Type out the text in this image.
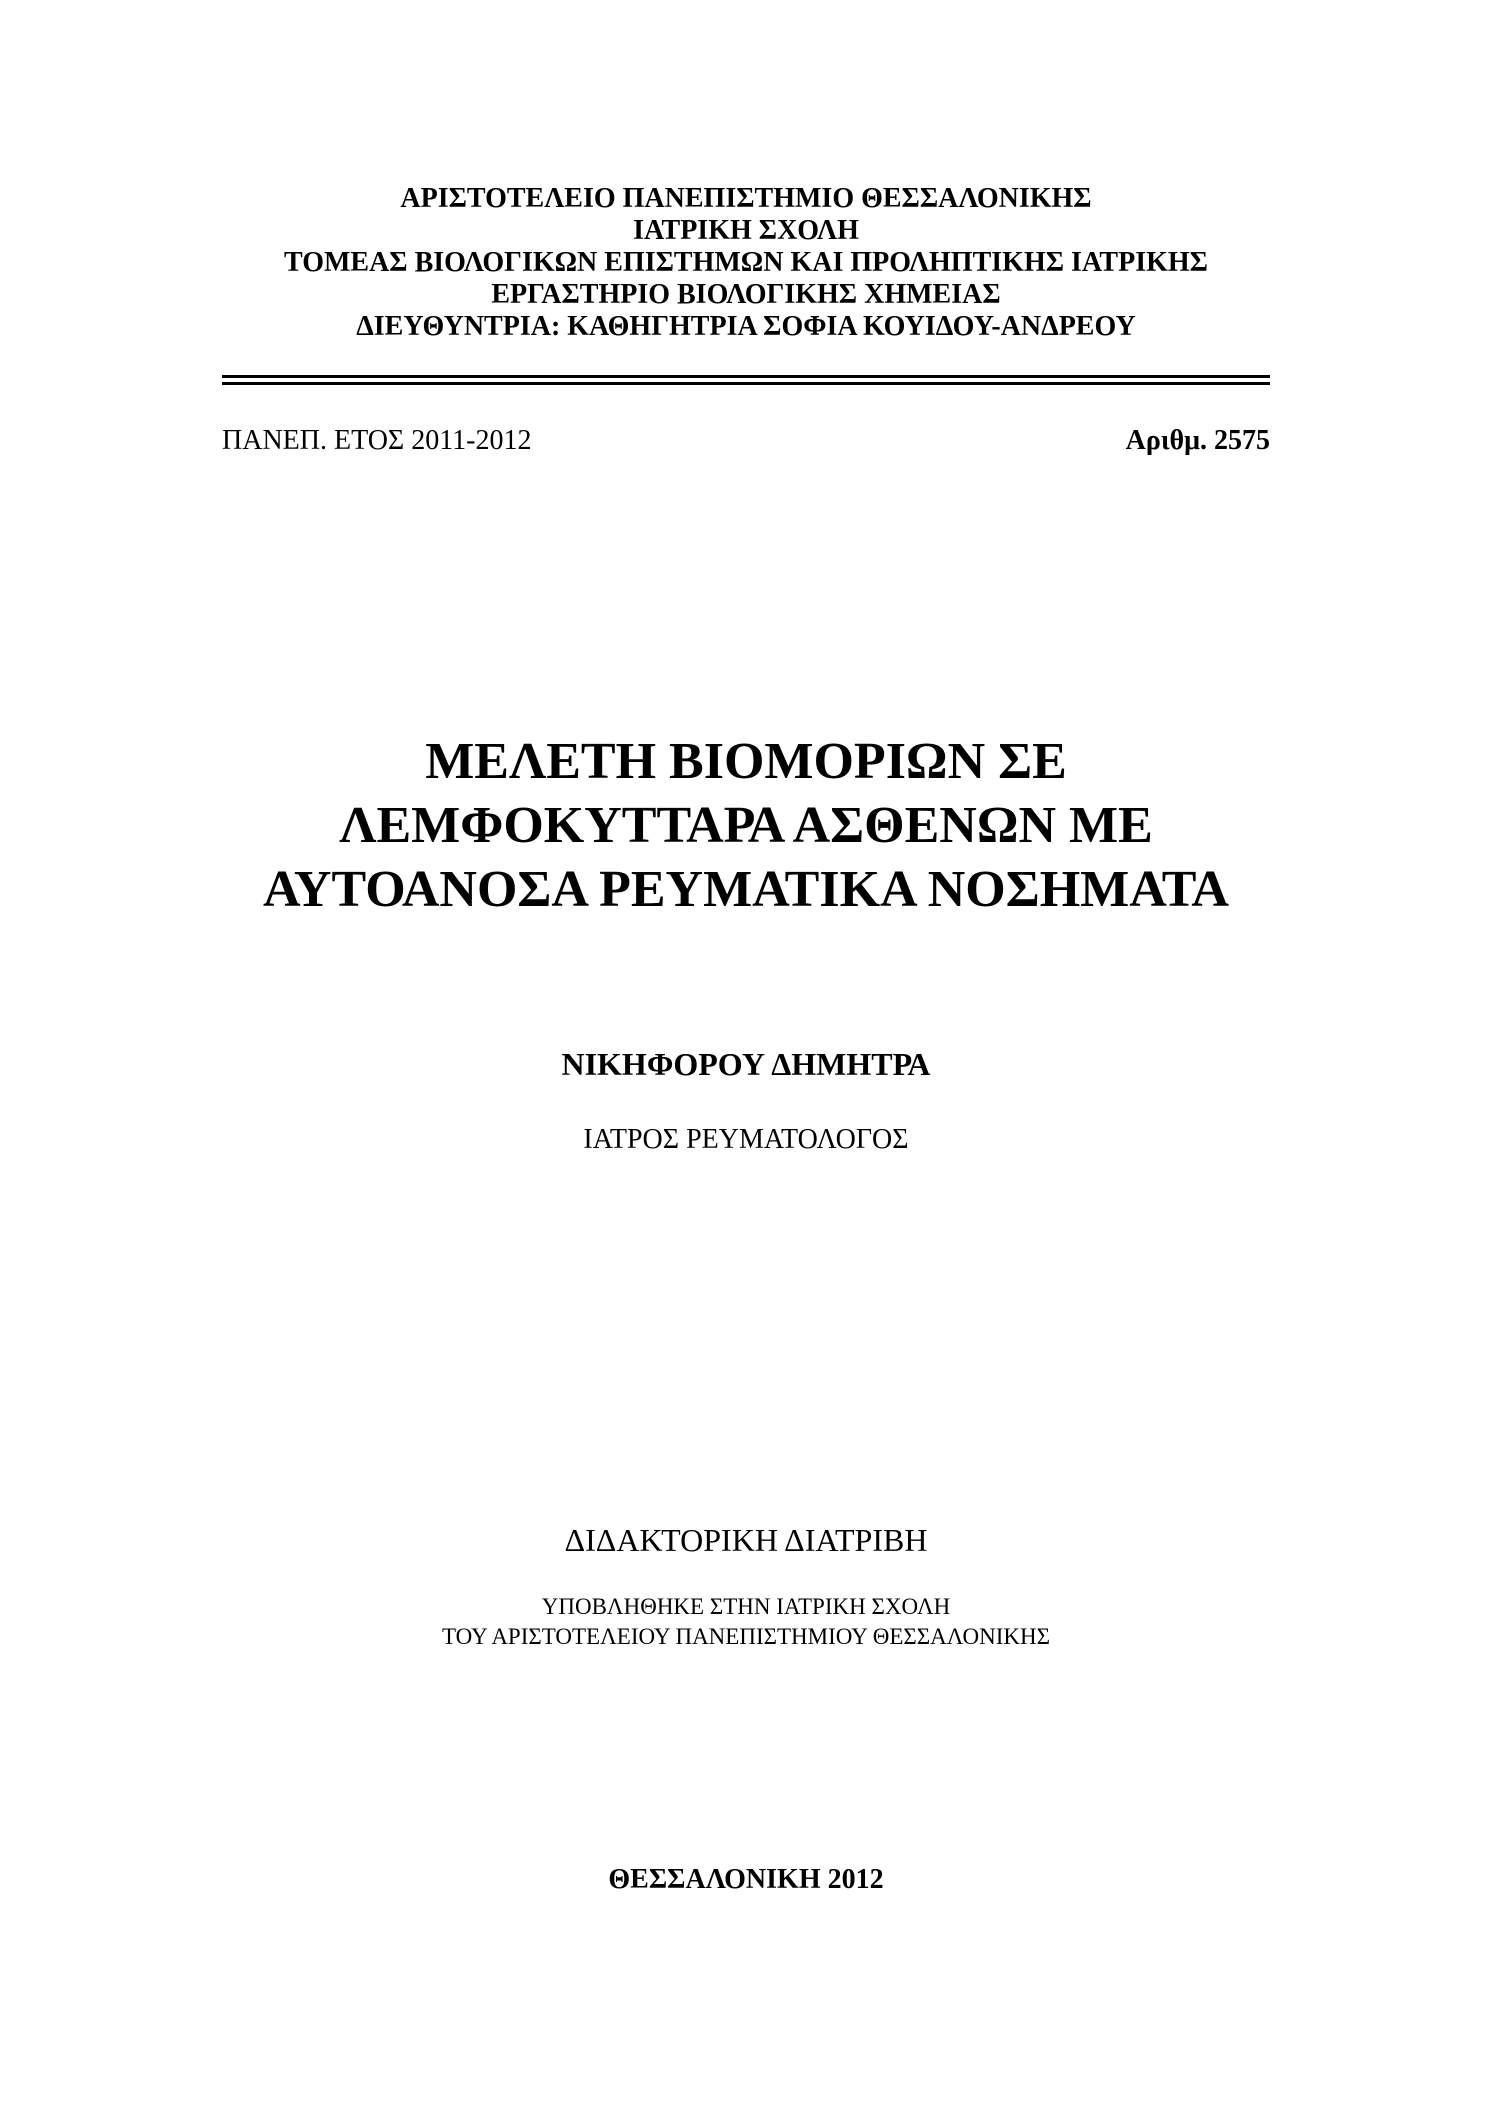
ΑΡΙΣΤΟΤΕΛΕΙΟ ΠΑΝΕΠΙΣΤΗΜΙΟ ΘΕΣΣΑΛΟΝΙΚΗΣ
ΙΑΤΡΙΚΗ ΣΧΟΛΗ
ΤΟΜΕΑΣ ΒΙΟΛΟΓΙΚΩΝ ΕΠΙΣΤΗΜΩΝ ΚΑΙ ΠΡΟΛΗΠΤΙΚΗΣ ΙΑΤΡΙΚΗΣ
ΕΡΓΑΣΤΗΡΙΟ ΒΙΟΛΟΓΙΚΗΣ ΧΗΜΕΙΑΣ
ΔΙΕΥΘΥΝΤΡΙΑ: ΚΑΘΗΓΗΤΡΙΑ ΣΟΦΙΑ ΚΟΥΙΔΟΥ-ΑΝΔΡΕΟΥ
ΠΑΝΕΠ. ΕΤΟΣ 2011-2012	Αριθμ. 2575
ΜΕΛΕΤΗ ΒΙΟΜΟΡΙΩΝ ΣΕ
ΛΕΜΦΟΚΥΤΤΑΡΑ ΑΣΘΕΝΩΝ ΜΕ
ΑΥΤΟΑΝΟΣΑ ΡΕΥΜΑΤΙΚΑ ΝΟΣΗΜΑΤΑ
ΝΙΚΗΦΟΡΟΥ ΔΗΜΗΤΡΑ
ΙΑΤΡΟΣ ΡΕΥΜΑΤΟΛΟΓΟΣ
ΔΙΔΑΚΤΟΡΙΚΗ ΔΙΑΤΡΙΒΗ
ΥΠΟΒΛΗΘΗΚΕ ΣΤΗΝ ΙΑΤΡΙΚΗ ΣΧΟΛΗ
ΤΟΥ ΑΡΙΣΤΟΤΕΛΕΙΟΥ ΠΑΝΕΠΙΣΤΗΜΙΟΥ ΘΕΣΣΑΛΟΝΙΚΗΣ
ΘΕΣΣΑΛΟΝΙΚΗ 2012
